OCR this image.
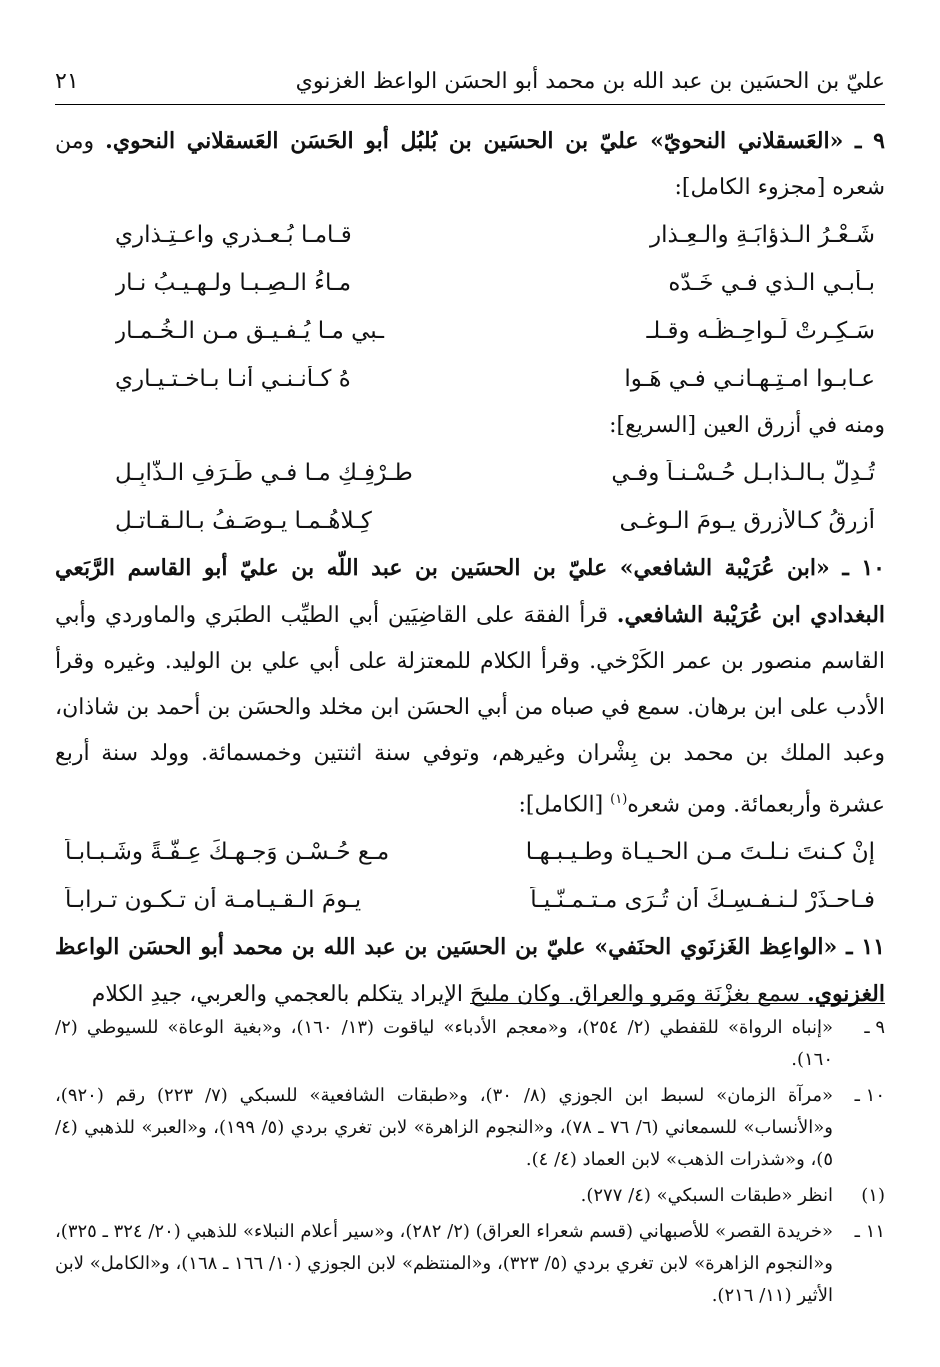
عليّ بن الحسَين بن عبد الله بن محمد أبو الحسَن الواعظ الغزنوي
٢١

٩ ـ «العَسقلاني النحويّ» عليّ بن الحسَين بن بُلبُل أبو الحَسَن العَسقلاني النحوي. ومن شعره [مجزوء الكامل]:

شَـعْـرُ الـذؤابَـةِ والـعِـذارِ
قـامـا بُـعـذري واعـتِـذاري
بـأبـي الـذي فـي خَـدّه
مـاءُ الـصِـبـا ولـهـيـبُ نـارِ
سَـكِـرتْ لَـواحِـظُـه وقـلـ
ـبي مـا يُـفـيـق مـن الـخُـمـار
عـابـوا امـتِـهـانـي فـي هَـوا
هُ كـأنـنـي أنـا بـاخـتـيـاري

ومنه في أزرق العين [السريع]:

تُـدِلُّ بـالـذابـل حُـسْـنـاً وفـي
طـرْفِـكِ مـا فـي طَـرَفِ الـذّابِـلِ
أزرقُ كـالأزرقِ يـومَ الـوغـى
كِـلاهُـمـا يـوصَـفُ بـالـقـاتـلِ

١٠ ـ «ابن عُرَيْبة الشافعي» عليّ بن الحسَين بن عبد اللّه بن عليّ أبو القاسم الرَّبَعي البغدادي ابن عُرَيْبة الشافعي. قرأ الفقهَ على القاضِيَين أبي الطيِّب الطبَري والماوردي وأبي القاسم منصور بن عمر الكَرْخي. وقرأ الكلام للمعتزلة على أبي علي بن الوليد. وغيره وقرأ الأدب على ابن برهان. سمع في صباه من أبي الحسَن ابن مخلد والحسَن بن أحمد بن شاذان، وعبد الملك بن محمد بن بِشْران وغيرهم، وتوفي سنة اثنتين وخمسمائة. وولد سنة أربع عشرة وأربعمائة. ومن شعره$^{(١)}$ [الكامل]:

إنْ كـنتَ نـلـتَ مـن الحـيـاة وطـيـبـهـا
مـع حُـسْـنِ وَجـهـكَ عِـفَّـةً وشَـبـابـاً
فـاحـذَرْ لـنـفـسِـكَ أن تُـرَى مـتـمـنّـيـاً
يـومَ الـقـيـامـة أن تـكـون تـرابـاً

١١ ـ «الواعِظ الغَزنَوي الحنَفي» عليّ بن الحسَين بن عبد الله بن محمد أبو الحسَن الواعظ الغزنوي. سمع بغزْنَة ومَرو والعراق. وكان مليحَ الإيراد يتكلم بالعجمي والعربي، جيدِ الكلام

٩ ـ
«إنباه الرواة» للقفطي (٢/ ٢٥٤)، و«معجم الأدباء» لياقوت (١٣/ ١٦٠)، و«بغية الوعاة» للسيوطي (٢/ ١٦٠).
١٠ ـ
«مرآة الزمان» لسبط ابن الجوزي (٨/ ٣٠)، و«طبقات الشافعية» للسبكي (٧/ ٢٢٣) رقم (٩٢٠)، و«الأنساب» للسمعاني (٦/ ٧٦ ـ ٧٨)، و«النجوم الزاهرة» لابن تغري بردي (٥/ ١٩٩)، و«العبر» للذهبي (٤/ ٥)، و«شذرات الذهب» لابن العماد (٤/ ٤).
(١)
انظر «طبقات السبكي» (٤/ ٢٧٧).
١١ ـ
«خريدة القصر» للأصبهاني (قسم شعراء العراق) (٢/ ٢٨٢)، و«سير أعلام النبلاء» للذهبي (٢٠/ ٣٢٤ ـ ٣٢٥)، و«النجوم الزاهرة» لابن تغري بردي (٥/ ٣٢٣)، و«المنتظم» لابن الجوزي (١٠/ ١٦٦ ـ ١٦٨)، و«الكامل» لابن الأثير (١١/ ٢١٦).
